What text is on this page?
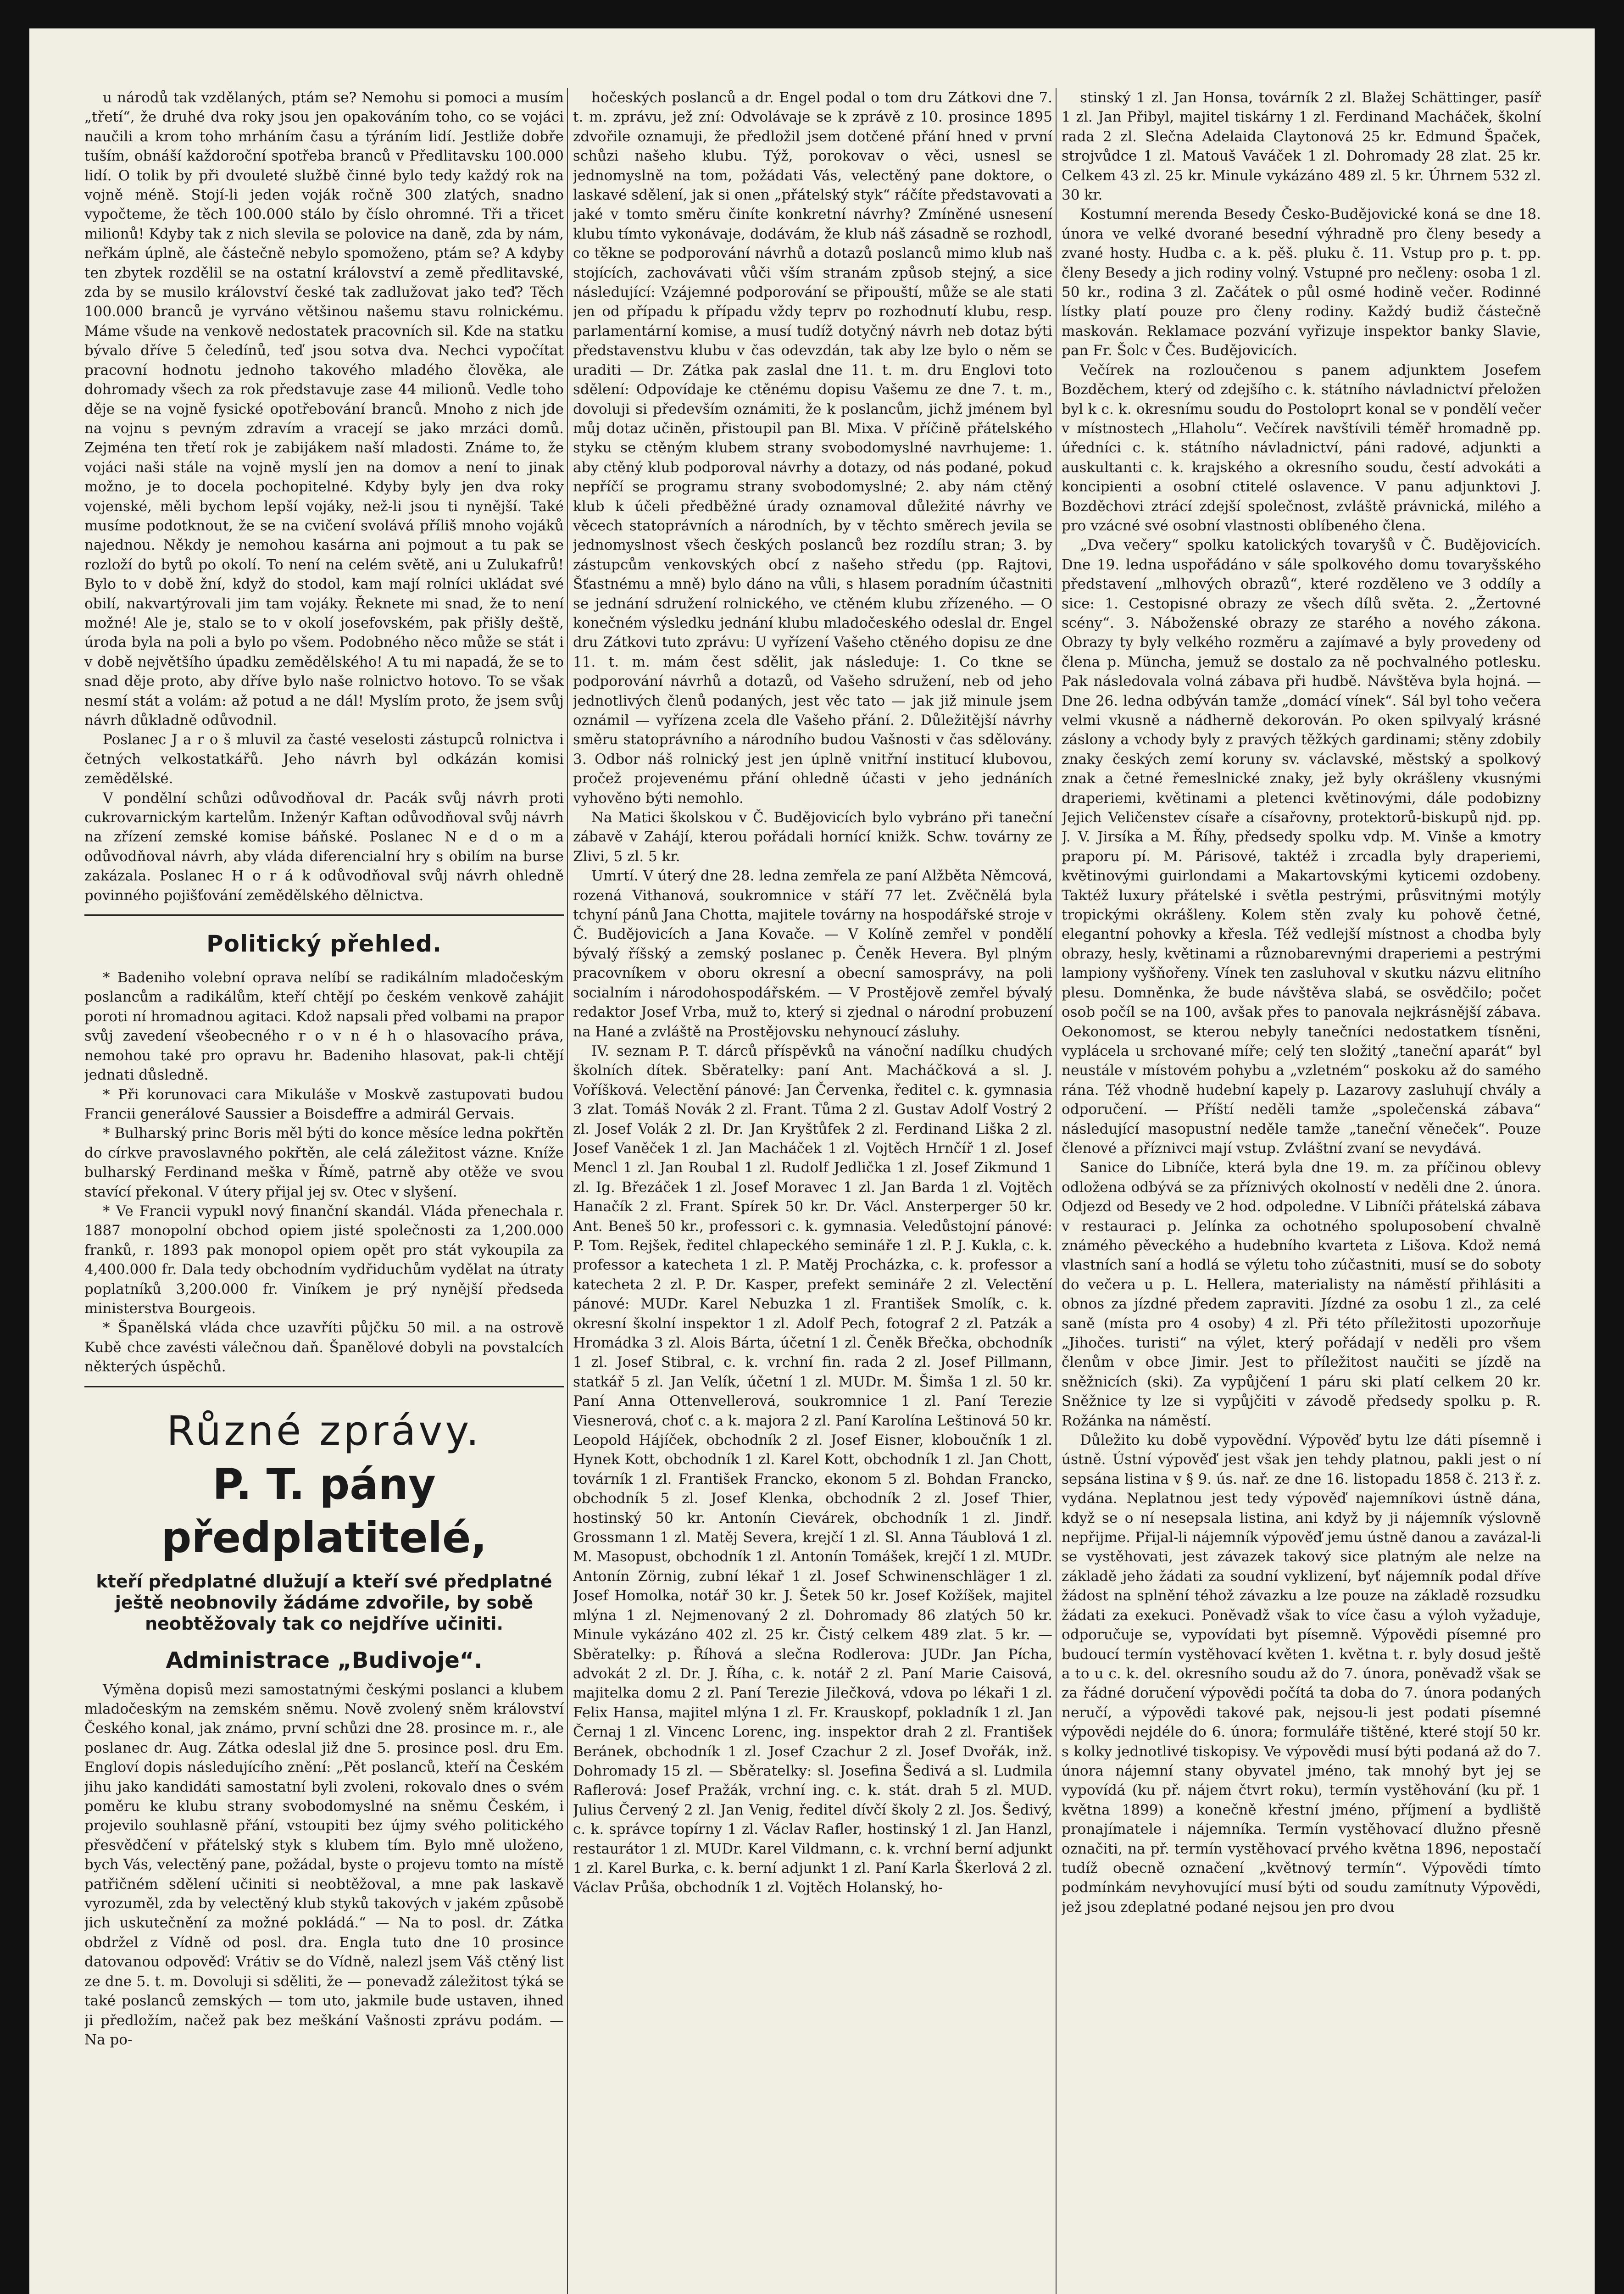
u národů tak vzdělaných, ptám se? Nemohu si pomoci a musím „třetí“, že druhé dva roky jsou jen opakováním toho, co se vojáci naučili a krom toho mrháním času a týráním lidí. Jestliže dobře tuším, obnáší každoroční spotřeba branců v Předlitavsku 100.000 lidí. O tolik by při dvouleté službě činné bylo tedy každý rok na vojně méně. Stojí-li jeden voják ročně 300 zlatých, snadno vypočteme, že těch 100.000 stálo by číslo ohromné. Tři a třicet milionů! Kdyby tak z nich slevila se polovice na daně, zda by nám, neřkám úplně, ale částečně nebylo spomoženo, ptám se? A kdyby ten zbytek rozdělil se na ostatní království a země předlitavské, zda by se musilo království české tak zadlužovat jako teď? Těch 100.000 branců je vyrváno většinou našemu stavu rolnickému. Máme všude na venkově nedostatek pracovních sil. Kde na statku bývalo dříve 5 čeledínů, teď jsou sotva dva. Nechci vypočítat pracovní hodnotu jednoho takového mladého člověka, ale dohromady všech za rok představuje zase 44 milionů. Vedle toho děje se na vojně fysické opotřebování branců. Mnoho z nich jde na vojnu s pevným zdravím a vracejí se jako mrzáci domů. Zejména ten třetí rok je zabijákem naší mladosti. Známe to, že vojáci naši stále na vojně myslí jen na domov a není to jinak možno, je to docela pochopitelné. Kdyby byly jen dva roky vojenské, měli bychom lepší vojáky, než-li jsou ti nynější. Také musíme podotknout, že se na cvičení svolává příliš mnoho vojáků najednou. Někdy je nemohou kasárna ani pojmout a tu pak se rozloží do bytů po okolí. To není na celém světě, ani u Zulukafrů! Bylo to v době žní, když do stodol, kam mají rolníci ukládat své obilí, nakvartýrovali jim tam vojáky. Řeknete mi snad, že to není možné! Ale je, stalo se to v okolí josefovském, pak přišly deště, úroda byla na poli a bylo po všem. Podobného něco může se stát i v době největšího úpadku zemědělského! A tu mi napadá, že se to snad děje proto, aby dříve bylo naše rolnictvo hotovo. To se však nesmí stát a volám: až potud a ne dál! Myslím proto, že jsem svůj návrh důkladně odůvodnil.

Poslanec J a r o š mluvil za časté veselosti zástupců rolnictva i četných velkostatkářů. Jeho návrh byl odkázán komisi zemědělské.

V pondělní schůzi odůvodňoval dr. Pacák svůj návrh proti cukrovarnickým kartelům. Inženýr Kaftan odůvodňoval svůj návrh na zřízení zemské komise báňské. Poslanec N e d o m a odůvodňoval návrh, aby vláda diferencialní hry s obilím na burse zakázala. Poslanec H o r á k odůvodňoval svůj návrh ohledně povinného pojišťování zemědělského dělnictva.

Politický přehled.

* Badeniho volební oprava nelíbí se radikálním mladočeským poslancům a radikálům, kteří chtějí po českém venkově zahájit poroti ní hromadnou agitaci. Kdož napsali před volbami na prapor svůj zavedení všeobecného r o v n é h o hlasovacího práva, nemohou také pro opravu hr. Badeniho hlasovat, pak-li chtějí jednati důsledně.

* Při korunovaci cara Mikuláše v Moskvě zastupovati budou Francii generálové Saussier a Boisdeffre a admirál Gervais.

* Bulharský princ Boris měl býti do konce měsíce ledna pokřtěn do církve pravoslavného pokřtěn, ale celá záležitost vázne. Kníže bulharský Ferdinand meška v Římě, patrně aby otěže ve svou stavící překonal. V útery přijal jej sv. Otec v slyšení.

* Ve Francii vypukl nový finanční skandál. Vláda přenechala r. 1887 monopolní obchod opiem jisté společnosti za 1,200.000 franků, r. 1893 pak monopol opiem opět pro stát vykoupila za 4,400.000 fr. Dala tedy obchodním vydřiduchům vydělat na útraty poplatníků 3,200.000 fr. Viníkem je prý nynější předseda ministerstva Bourgeois.

* Španělská vláda chce uzavříti půjčku 50 mil. a na ostrově Kubě chce zavésti válečnou daň. Španělové dobyli na povstalcích některých úspěchů.

Různé zprávy.
P. T. pány předplatitelé,
kteří předplatné dlužují a kteří své předplatné ještě neobnovily žádáme zdvořile, by sobě neobtěžovaly tak co nejdříve učiniti.
Administrace „Budivoje“.

Výměna dopisů mezi samostatnými českými poslanci a klubem mladočeským na zemském sněmu. Nově zvolený sněm království Českého konal, jak známo, první schůzi dne 28. prosince m. r., ale poslanec dr. Aug. Zátka odeslal již dne 5. prosince posl. dru Em. Engloví dopis následujícího znění: „Pět poslanců, kteří na Českém jihu jako kandidáti samostatní byli zvoleni, rokovalo dnes o svém poměru ke klubu strany svobodomyslné na sněmu Českém, i projevilo souhlasně přání, vstoupiti bez újmy svého politického přesvědčení v přátelský styk s klubem tím. Bylo mně uloženo, bych Vás, velectěný pane, požádal, byste o projevu tomto na místě patřičném sdělení učiniti si neobtěžoval, a mne pak laskavě vyrozuměl, zda by velectěný klub styků takových v jakém způsobě jich uskutečnění za možné pokládá.“ — Na to posl. dr. Zátka obdržel z Vídně od posl. dra. Engla tuto dne 10 prosince datovanou odpověď: Vrátiv se do Vídně, nalezl jsem Váš ctěný list ze dne 5. t. m. Dovoluji si sděliti, že — ponevadž záležitost týká se také poslanců zemských — tom uto, jakmile bude ustaven, ihned ji předložím, načež pak bez meškání Vašnosti zprávu podám. — Na po-

hočeských poslanců a dr. Engel podal o tom dru Zátkovi dne 7. t. m. zprávu, jež zní: Odvolávaje se k zprávě z 10. prosince 1895 zdvořile oznamuji, že předložil jsem dotčené přání hned v první schůzi našeho klubu. Týž, porokovav o věci, usnesl se jednomyslně na tom, požádati Vás, velectěný pane doktore, o laskavé sdělení, jak si onen „přátelský styk“ ráčíte představovati a jaké v tomto směru činíte konkretní návrhy? Zmíněné usnesení klubu tímto vykonávaje, dodávám, že klub náš zásadně se rozhodl, co těkne se podporování návrhů a dotazů poslanců mimo klub naš stojících, zachovávati vůči vším stranám způsob stejný, a sice následující: Vzájemné podporování se připouští, může se ale stati jen od případu k případu vždy teprv po rozhodnutí klubu, resp. parlamentární komise, a musí tudíž dotyčný návrh neb dotaz býti představenstvu klubu v čas odevzdán, tak aby lze bylo o něm se uraditi — Dr. Zátka pak zaslal dne 11. t. m. dru Englovi toto sdělení: Odpovídaje ke ctěnému dopisu Vašemu ze dne 7. t. m., dovoluji si především oznámiti, že k poslancům, jichž jménem byl můj dotaz učiněn, přistoupil pan Bl. Mixa. V příčině přátelského styku se ctěným klubem strany svobodomyslné navrhujeme: 1. aby ctěný klub podporoval návrhy a dotazy, od nás podané, pokud nepříčí se programu strany svobodomyslné; 2. aby nám ctěný klub k účeli předběžné úrady oznamoval důležité návrhy ve věcech statoprávních a národních, by v těchto směrech jevila se jednomyslnost všech českých poslanců bez rozdílu stran; 3. by zástupcům venkovských obcí z našeho středu (pp. Rajtovi, Šťastnému a mně) bylo dáno na vůli, s hlasem poradním účastniti se jednání sdružení rolnického, ve ctěném klubu zřízeného. — O konečném výsledku jednání klubu mladočeského odeslal dr. Engel dru Zátkovi tuto zprávu: U vyřízení Vašeho ctěného dopisu ze dne 11. t. m. mám čest sdělit, jak následuje: 1. Co tkne se podporování návrhů a dotazů, od Vašeho sdružení, neb od jeho jednotlivých členů podaných, jest věc tato — jak již minule jsem oznámil — vyřízena zcela dle Vašeho přání. 2. Důležitější návrhy směru statoprávního a národního budou Vašnosti v čas sdělovány. 3. Odbor náš rolnický jest jen úplně vnitřní institucí klubovou, pročež projevenému přání ohledně účasti v jeho jednáních vyhověno býti nemohlo.

Na Matici školskou v Č. Budějovicích bylo vybráno při taneční zábavě v Zahájí, kterou pořádali hornící knižk. Schw. továrny ze Zlivi, 5 zl. 5 kr.

Umrtí. V úterý dne 28. ledna zemřela ze paní Alžběta Němcová, rozená Vithanová, soukromnice v stáří 77 let. Zvěčnělá byla tchyní pánů Jana Chotta, majitele továrny na hospodářské stroje v Č. Budějovicích a Jana Kovače. — V Kolíně zemřel v pondělí bývalý říšský a zemský poslanec p. Čeněk Hevera. Byl plným pracovníkem v oboru okresní a obecní samosprávy, na poli socialním i národohospodářském. — V Prostějově zemřel bývalý redaktor Josef Vrba, muž to, který si zjednal o národní probuzení na Hané a zvláště na Prostějovsku nehynoucí zásluhy.

IV. seznam P. T. dárců příspěvků na vánoční nadílku chudých školních dítek. Sběratelky: paní Ant. Macháčková a sl. J. Voříšková. Velectění pánové: Jan Červenka, ředitel c. k. gymnasia 3 zlat. Tomáš Novák 2 zl. Frant. Tůma 2 zl. Gustav Adolf Vostrý 2 zl. Josef Volák 2 zl. Dr. Jan Kryštůfek 2 zl. Ferdinand Liška 2 zl. Josef Vaněček 1 zl. Jan Macháček 1 zl. Vojtěch Hrnčíř 1 zl. Josef Mencl 1 zl. Jan Roubal 1 zl. Rudolf Jedlička 1 zl. Josef Zikmund 1 zl. Ig. Březáček 1 zl. Josef Moravec 1 zl. Jan Barda 1 zl. Vojtěch Hanačík 2 zl. Frant. Spírek 50 kr. Dr. Václ. Ansterperger 50 kr. Ant. Beneš 50 kr., professori c. k. gymnasia. Veledůstojní pánové: P. Tom. Rejšek, ředitel chlapeckého semináře 1 zl. P. J. Kukla, c. k. professor a katecheta 1 zl. P. Matěj Procházka, c. k. professor a katecheta 2 zl. P. Dr. Kasper, prefekt semináře 2 zl. Velectění pánové: MUDr. Karel Nebuzka 1 zl. František Smolík, c. k. okresní školní inspektor 1 zl. Adolf Pech, fotograf 2 zl. Patzák a Hromádka 3 zl. Alois Bárta, účetní 1 zl. Čeněk Břečka, obchodník 1 zl. Josef Stibral, c. k. vrchní fin. rada 2 zl. Josef Pillmann, statkář 5 zl. Jan Velík, účetní 1 zl. MUDr. M. Šimša 1 zl. 50 kr. Paní Anna Ottenvellerová, soukromnice 1 zl. Paní Terezie Viesnerová, choť c. a k. majora 2 zl. Paní Karolína Leštinová 50 kr. Leopold Hájíček, obchodník 2 zl. Josef Eisner, kloboučník 1 zl. Hynek Kott, obchodník 1 zl. Karel Kott, obchodník 1 zl. Jan Chott, továrník 1 zl. František Francko, ekonom 5 zl. Bohdan Francko, obchodník 5 zl. Josef Klenka, obchodník 2 zl. Josef Thier, hostinský 50 kr. Antonín Cievárek, obchodník 1 zl. Jindř. Grossmann 1 zl. Matěj Severa, krejčí 1 zl. Sl. Anna Táublová 1 zl. M. Masopust, obchodník 1 zl. Antonín Tomášek, krejčí 1 zl. MUDr. Antonín Zörnig, zubní lékař 1 zl. Josef Schwinenschläger 1 zl. Josef Homolka, notář 30 kr. J. Šetek 50 kr. Josef Kožíšek, majitel mlýna 1 zl. Nejmenovaný 2 zl. Dohromady 86 zlatých 50 kr. Minule vykázáno 402 zl. 25 kr. Čistý celkem 489 zlat. 5 kr. — Sběratelky: p. Říhová a slečna Rodlerova: JUDr. Jan Pícha, advokát 2 zl. Dr. J. Říha, c. k. notář 2 zl. Paní Marie Caisová, majitelka domu 2 zl. Paní Terezie Jilečková, vdova po lékaři 1 zl. Felix Hansa, majitel mlýna 1 zl. Fr. Krauskopf, pokladník 1 zl. Jan Černaj 1 zl. Vincenc Lorenc, ing. inspektor drah 2 zl. František Beránek, obchodník 1 zl. Josef Czachur 2 zl. Josef Dvořák, inž. Dohromady 15 zl. — Sběratelky: sl. Josefina Šedivá a sl. Ludmila Raflerová: Josef Pražák, vrchní ing. c. k. stát. drah 5 zl. MUD. Julius Červený 2 zl. Jan Venig, ředitel dívčí školy 2 zl. Jos. Šedivý, c. k. správce topírny 1 zl. Václav Rafler, hostinský 1 zl. Jan Hanzl, restaurátor 1 zl. MUDr. Karel Vildmann, c. k. vrchní berní adjunkt 1 zl. Karel Burka, c. k. berní adjunkt 1 zl. Paní Karla Škerlová 2 zl. Václav Průša, obchodník 1 zl. Vojtěch Holanský, ho-

stinský 1 zl. Jan Honsa, továrník 2 zl. Blažej Schättinger, pasíř 1 zl. Jan Přibyl, majitel tiskárny 1 zl. Ferdinand Macháček, školní rada 2 zl. Slečna Adelaida Claytonová 25 kr. Edmund Špaček, strojvůdce 1 zl. Matouš Vaváček 1 zl. Dohromady 28 zlat. 25 kr. Celkem 43 zl. 25 kr. Minule vykázáno 489 zl. 5 kr. Úhrnem 532 zl. 30 kr.

Kostumní merenda Besedy Česko-Budějovické koná se dne 18. února ve velké dvorané besední výhradně pro členy besedy a zvané hosty. Hudba c. a k. pěš. pluku č. 11. Vstup pro p. t. pp. členy Besedy a jich rodiny volný. Vstupné pro nečleny: osoba 1 zl. 50 kr., rodina 3 zl. Začátek o půl osmé hodině večer. Rodinné lístky platí pouze pro členy rodiny. Každý budiž částečně maskován. Reklamace pozvání vyřizuje inspektor banky Slavie, pan Fr. Šolc v Čes. Budějovicích.

Večírek na rozloučenou s panem adjunktem Josefem Bozděchem, který od zdejšího c. k. státního návladnictví přeložen byl k c. k. okresnímu soudu do Postoloprt konal se v pondělí večer v místnostech „Hlaholu“. Večírek navštívili téměř hromadně pp. úředníci c. k. státního návladnictví, páni radové, adjunkti a auskultanti c. k. krajského a okresního soudu, čestí advokáti a koncipienti a osobní ctitelé oslavence. V panu adjunktovi J. Bozděchovi ztrácí zdejší společnost, zvláště právnická, milého a pro vzácné své osobní vlastnosti oblíbeného člena.

„Dva večery“ spolku katolických tovaryšů v Č. Budějovicích. Dne 19. ledna uspořádáno v sále spolkového domu tovaryšského představení „mlhových obrazů“, které rozděleno ve 3 oddíly a sice: 1. Cestopisné obrazy ze všech dílů světa. 2. „Žertovné scény“. 3. Náboženské obrazy ze starého a nového zákona. Obrazy ty byly velkého rozměru a zajímavé a byly provedeny od člena p. Müncha, jemuž se dostalo za ně pochvalného potlesku. Pak následovala volná zábava při hudbě. Návštěva byla hojná. — Dne 26. ledna odbýván tamže „domácí vínek“. Sál byl toho večera velmi vkusně a nádherně dekorován. Po oken spilvyalý krásné záslony a vchody byly z pravých těžkých gardinami; stěny zdobily znaky českých zemí koruny sv. václavské, městský a spolkový znak a četné řemeslnické znaky, jež byly okrášleny vkusnými draperiemi, květinami a pletenci květinovými, dále podobizny Jejich Veličenstev císaře a císařovny, protektorů-biskupů njd. pp. J. V. Jirsíka a M. Říhy, předsedy spolku vdp. M. Vinše a kmotry praporu pí. M. Párisové, taktéž i zrcadla byly draperiemi, květinovými guirlondami a Makartovskými kyticemi ozdobeny. Taktéž luxury přátelské i světla pestrými, průsvitnými motýly tropickými okrášleny. Kolem stěn zvaly ku pohově četné, elegantní pohovky a křesla. Též vedlejší místnost a chodba byly obrazy, hesly, květinami a různobarevnými draperiemi a pestrými lampiony vyšňořeny. Vínek ten zasluhoval v skutku názvu elitního plesu. Domněnka, že bude návštěva slabá, se osvědčilo; počet osob počíl se na 100, avšak přes to panovala nejkrásnější zábava. Oekonomost, se kterou nebyly tanečníci nedostatkem tísněni, vyplácela u srchované míře; celý ten složitý „taneční aparát“ byl neustále v místovém pohybu a „vzletném“ poskoku až do samého rána. Též vhodně hudební kapely p. Lazarovy zasluhují chvály a odporučení. — Příští neděli tamže „společenská zábava“ následující masopustní neděle tamže „taneční věneček“. Pouze členové a příznivci mají vstup. Zvláštní zvaní se nevydává.

Sanice do Libníče, která byla dne 19. m. za příčinou oblevy odložena odbývá se za příznivých okolností v neděli dne 2. února. Odjezd od Besedy ve 2 hod. odpoledne. V Libníči přátelská zábava v restauraci p. Jelínka za ochotného spoluposobení chvalně známého pěveckého a hudebního kvarteta z Lišova. Kdož nemá vlastních saní a hodlá se výletu toho zúčastniti, musí se do soboty do večera u p. L. Hellera, materialisty na náměstí přihlásiti a obnos za jízdné předem zapraviti. Jízdné za osobu 1 zl., za celé saně (místa pro 4 osoby) 4 zl. Při této příležitosti upozorňuje „Jihočes. turisti“ na výlet, který pořádají v neděli pro všem členům v obce Jimir. Jest to příležitost naučiti se jízdě na sněžnicích (ski). Za vypůjčení 1 páru ski platí celkem 20 kr. Sněžnice ty lze si vypůjčiti v závodě předsedy spolku p. R. Rožánka na náměstí.

Důležito ku době vypovědní. Výpověď bytu lze dáti písemně i ústně. Ústní výpověď jest však jen tehdy platnou, pakli jest o ní sepsána listina v § 9. ús. nař. ze dne 16. listopadu 1858 č. 213 ř. z. vydána. Neplatnou jest tedy výpověď najemníkovi ústně dána, když se o ní nesepsala listina, ani když by ji nájemník výslovně nepřijme. Přijal-li nájemník výpověď jemu ústně danou a zavázal-li se vystěhovati, jest závazek takový sice platným ale nelze na základě jeho žádati za soudní vyklizení, byť nájemník podal dříve žádost na splnění téhož závazku a lze pouze na základě rozsudku žádati za exekuci. Poněvadž však to více času a výloh vyžaduje, odporučuje se, vypovídati byt písemně. Výpovědi písemné pro budoucí termín vystěhovací květen 1. května t. r. byly dosud ještě a to u c. k. del. okresního soudu až do 7. února, poněvadž však se za řádné doručení výpovědi počítá ta doba do 7. února podaných neručí, a výpovědi takové pak, nejsou-li jest podati písemné výpovědi nejdéle do 6. února; formuláře tištěné, které stojí 50 kr. s kolky jednotlivé tiskopisy. Ve výpovědi musí býti podaná až do 7. února nájemní stany obyvatel jméno, tak mnohý byt jej se vypovídá (ku př. nájem čtvrt roku), termín vystěhování (ku př. 1 května 1899) a konečně křestní jméno, příjmení a bydliště pronajímatele i nájemníka. Termín vystěhovací dlužno přesně označiti, na př. termín vystěhovací prvého května 1896, nepostačí tudíž obecně označení „květnový termín“. Výpovědi tímto podmínkám nevyhovující musí býti od soudu zamítnuty Výpovědi, jež jsou zdeplatné podané nejsou jen pro dvou
